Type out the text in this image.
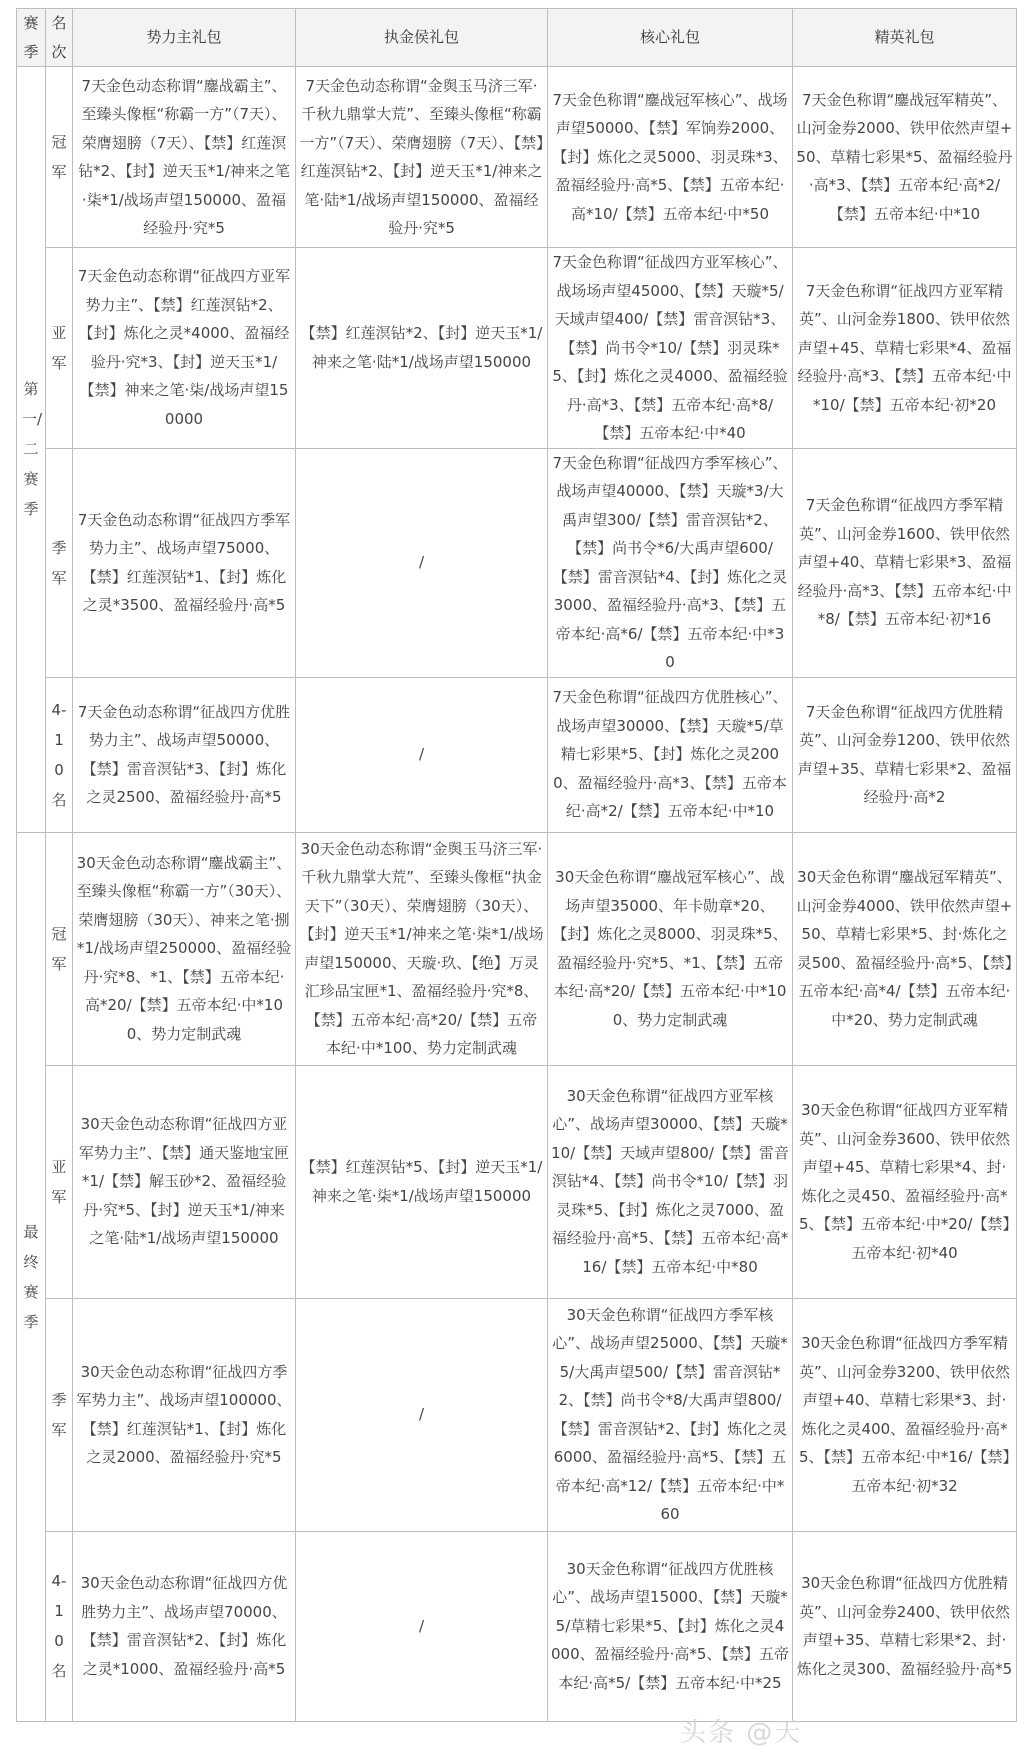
赛季	名次	势力主礼包	执金侯礼包	核心礼包	精英礼包

第一/二赛季	冠军	7天金色动态称谓“鏖战霸主”、至臻头像框“称霸一方”（7天）、荣膺翅膀（7天）、【禁】红莲溟钻*2、【封】逆天玉*1/神来之笔·柒*1/战场声望150000、盈福经验丹·究*5	7天金色动态称谓“金舆玉马济三军·千秋九鼎掌大荒”、至臻头像框“称霸一方”（7天）、荣膺翅膀（7天）、【禁】红莲溟钻*2、【封】逆天玉*1/神来之笔·陆*1/战场声望150000、盈福经验丹·究*5	7天金色称谓“鏖战冠军核心”、战场声望50000、【禁】军饷券2000、【封】炼化之灵5000、羽灵珠*3、盈福经验丹·高*5、【禁】五帝本纪·高*10/【禁】五帝本纪·中*50	7天金色称谓“鏖战冠军精英”、山河金券2000、铁甲依然声望+50、草精七彩果*5、盈福经验丹·高*3、【禁】五帝本纪·高*2/【禁】五帝本纪·中*10

	亚军	7天金色动态称谓“征战四方亚军势力主”、【禁】红莲溟钻*2、【封】炼化之灵*4000、盈福经验丹·究*3、【封】逆天玉*1/【禁】神来之笔·柒/战场声望150000	【禁】红莲溟钻*2、【封】逆天玉*1/神来之笔·陆*1/战场声望150000	7天金色称谓“征战四方亚军核心”、战场场声望45000、【禁】天璇*5/天域声望400/【禁】雷音溟钻*3、【禁】尚书令*10/【禁】羽灵珠*5、【封】炼化之灵4000、盈福经验丹·高*3、【禁】五帝本纪·高*8/【禁】五帝本纪·中*40	7天金色称谓“征战四方亚军精英”、山河金券1800、铁甲依然声望+45、草精七彩果*4、盈福经验丹·高*3、【禁】五帝本纪·中*10/【禁】五帝本纪·初*20

	季军	7天金色动态称谓“征战四方季军势力主”、战场声望75000、【禁】红莲溟钻*1、【封】炼化之灵*3500、盈福经验丹·高*5	/	7天金色称谓“征战四方季军核心”、战场声望40000、【禁】天璇*3/大禹声望300/【禁】雷音溟钻*2、【禁】尚书令*6/大禹声望600/【禁】雷音溟钻*4、【封】炼化之灵3000、盈福经验丹·高*3、【禁】五帝本纪·高*6/【禁】五帝本纪·中*30	7天金色称谓“征战四方季军精英”、山河金券1600、铁甲依然声望+40、草精七彩果*3、盈福经验丹·高*3、【禁】五帝本纪·中*8/【禁】五帝本纪·初*16

	4-10名	7天金色动态称谓“征战四方优胜势力主”、战场声望50000、【禁】雷音溟钻*3、【封】炼化之灵2500、盈福经验丹·高*5	/	7天金色称谓“征战四方优胜核心”、战场声望30000、【禁】天璇*5/草精七彩果*5、【封】炼化之灵2000、盈福经验丹·高*3、【禁】五帝本纪·高*2/【禁】五帝本纪·中*10	7天金色称谓“征战四方优胜精英”、山河金券1200、铁甲依然声望+35、草精七彩果*2、盈福经验丹·高*2

最终赛季	冠军	30天金色动态称谓“鏖战霸主”、至臻头像框“称霸一方”（30天）、荣膺翅膀（30天）、神来之笔·捌*1/战场声望250000、盈福经验丹·究*8、*1、【禁】五帝本纪·高*20/【禁】五帝本纪·中*100、势力定制武魂	30天金色动态称谓“金舆玉马济三军·千秋九鼎掌大荒”、至臻头像框“执金天下”（30天）、荣膺翅膀（30天）、【封】逆天玉*1/神来之笔·柒*1/战场声望150000、天璇·玖、【绝】万灵汇珍品宝匣*1、盈福经验丹·究*8、【禁】五帝本纪·高*20/【禁】五帝本纪·中*100、势力定制武魂	30天金色称谓“鏖战冠军核心”、战场声望35000、年卡勋章*20、【封】炼化之灵8000、羽灵珠*5、盈福经验丹·究*5、*1、【禁】五帝本纪·高*20/【禁】五帝本纪·中*100、势力定制武魂	30天金色称谓“鏖战冠军精英”、山河金券4000、铁甲依然声望+50、草精七彩果*5、封·炼化之灵500、盈福经验丹·高*5、【禁】五帝本纪·高*4/【禁】五帝本纪·中*20、势力定制武魂

	亚军	30天金色动态称谓“征战四方亚军势力主”、【禁】通天鉴地宝匣*1/【禁】解玉砂*2、盈福经验丹·究*5、【封】逆天玉*1/神来之笔·陆*1/战场声望150000	【禁】红莲溟钻*5、【封】逆天玉*1/神来之笔·柒*1/战场声望150000	30天金色称谓“征战四方亚军核心”、战场声望30000、【禁】天璇*10/【禁】天域声望800/【禁】雷音溟钻*4、【禁】尚书令*10/【禁】羽灵珠*5、【封】炼化之灵7000、盈福经验丹·高*5、【禁】五帝本纪·高*16/【禁】五帝本纪·中*80	30天金色称谓“征战四方亚军精英”、山河金券3600、铁甲依然声望+45、草精七彩果*4、封·炼化之灵450、盈福经验丹·高*5、【禁】五帝本纪·中*20/【禁】五帝本纪·初*40

	季军	30天金色动态称谓“征战四方季军势力主”、战场声望100000、【禁】红莲溟钻*1、【封】炼化之灵2000、盈福经验丹·究*5	/	30天金色称谓“征战四方季军核心”、战场声望25000、【禁】天璇*5/大禹声望500/【禁】雷音溟钻*2、【禁】尚书令*8/大禹声望800/【禁】雷音溟钻*2、【封】炼化之灵6000、盈福经验丹·高*5、【禁】五帝本纪·高*12/【禁】五帝本纪·中*60	30天金色称谓“征战四方季军精英”、山河金券3200、铁甲依然声望+40、草精七彩果*3、封·炼化之灵400、盈福经验丹·高*5、【禁】五帝本纪·中*16/【禁】五帝本纪·初*32

	4-10名	30天金色动态称谓“征战四方优胜势力主”、战场声望70000、【禁】雷音溟钻*2、【封】炼化之灵*1000、盈福经验丹·高*5	/	30天金色称谓“征战四方优胜核心”、战场声望15000、【禁】天璇*5/草精七彩果*5、【封】炼化之灵4000、盈福经验丹·高*5、【禁】五帝本纪·高*5/【禁】五帝本纪·中*25	30天金色称谓“征战四方优胜精英”、山河金券2400、铁甲依然声望+35、草精七彩果*2、封·炼化之灵300、盈福经验丹·高*5
头条 @天
